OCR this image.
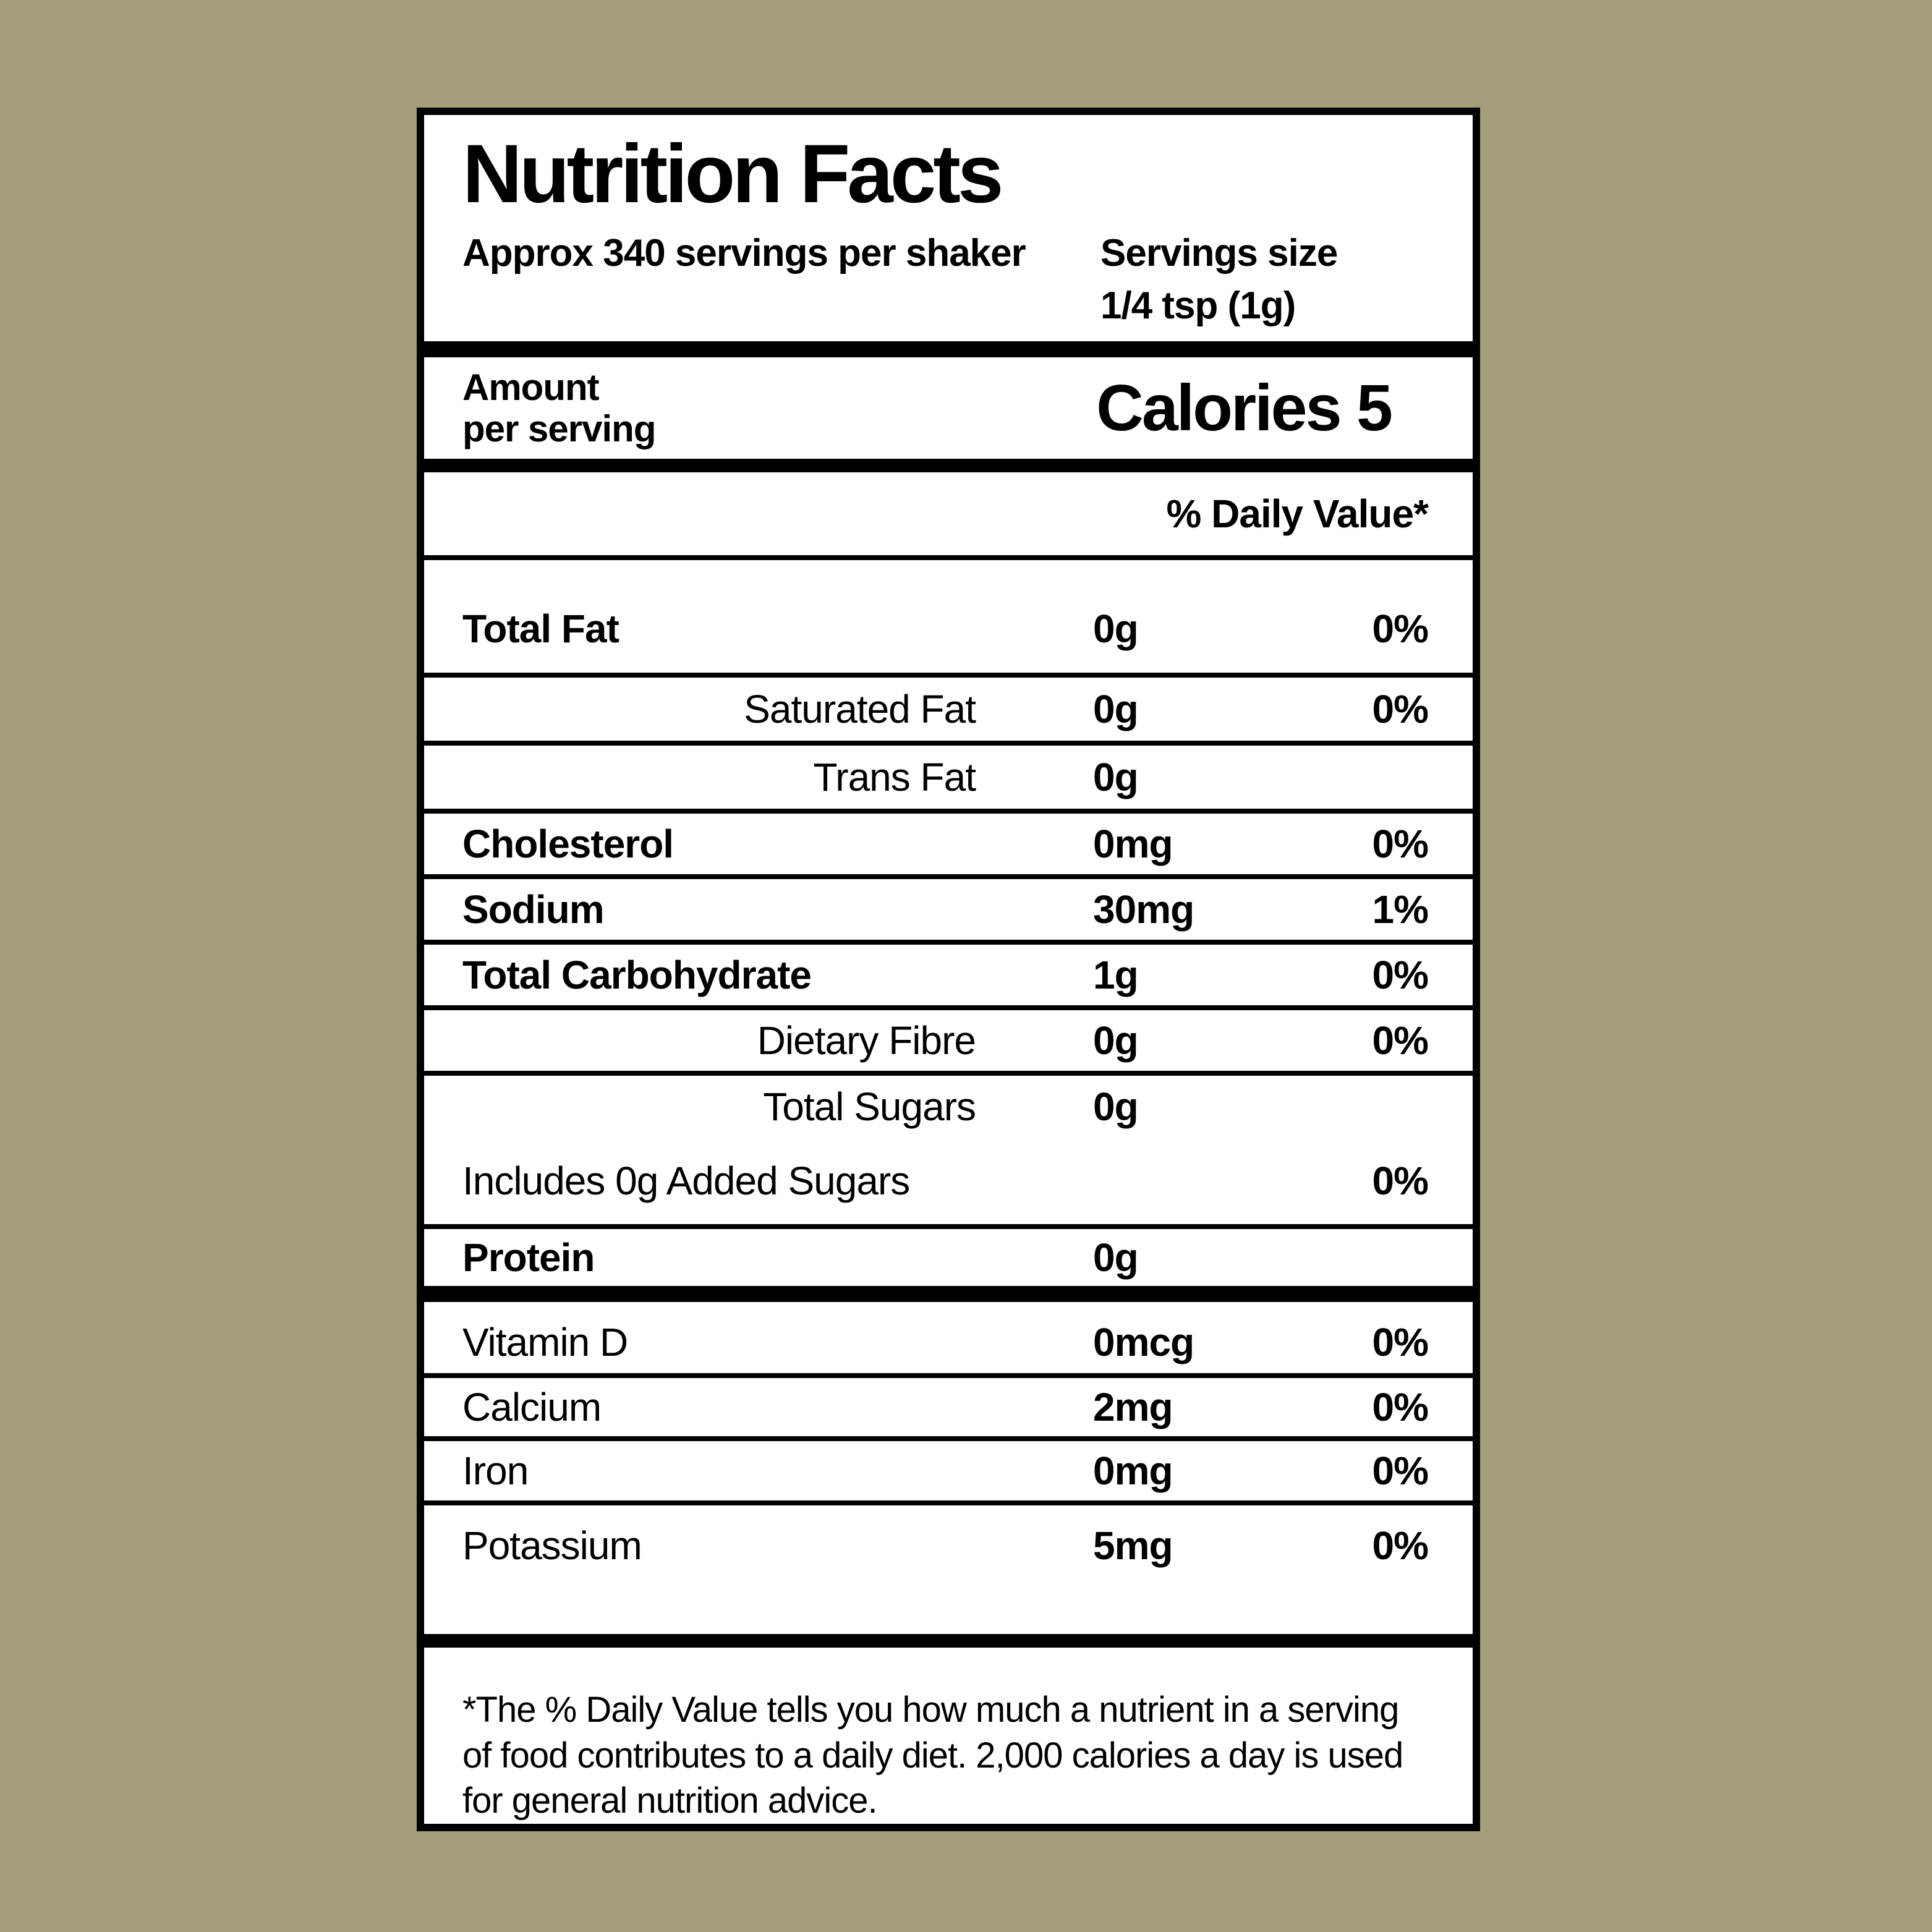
Nutrition Facts
Approx 340 servings per shaker Servings size
1/4 tsp (1g)
Amount
per serving	Calories 5
% Daily Value*
Total Fat	0g	0%
Saturated Fat	0g	0%
Trans Fat	0g
Cholesterol	0mg	0%
Sodium	30mg	1%
Total Carbohydrate	1g	0%
Dietary Fibre	0g	0%
Total Sugars	0g
Includes 0g Added Sugars	0%
Protein	0g
Vitamin D	0mcg	0%
Calcium	2mg	0%
Iron	0mg	0%
Potassium	5mg	0%
*The % Daily Value tells you how much a nutrient in a serving of food contributes to a daily diet. 2,000 calories a day is used for general nutrition advice.
